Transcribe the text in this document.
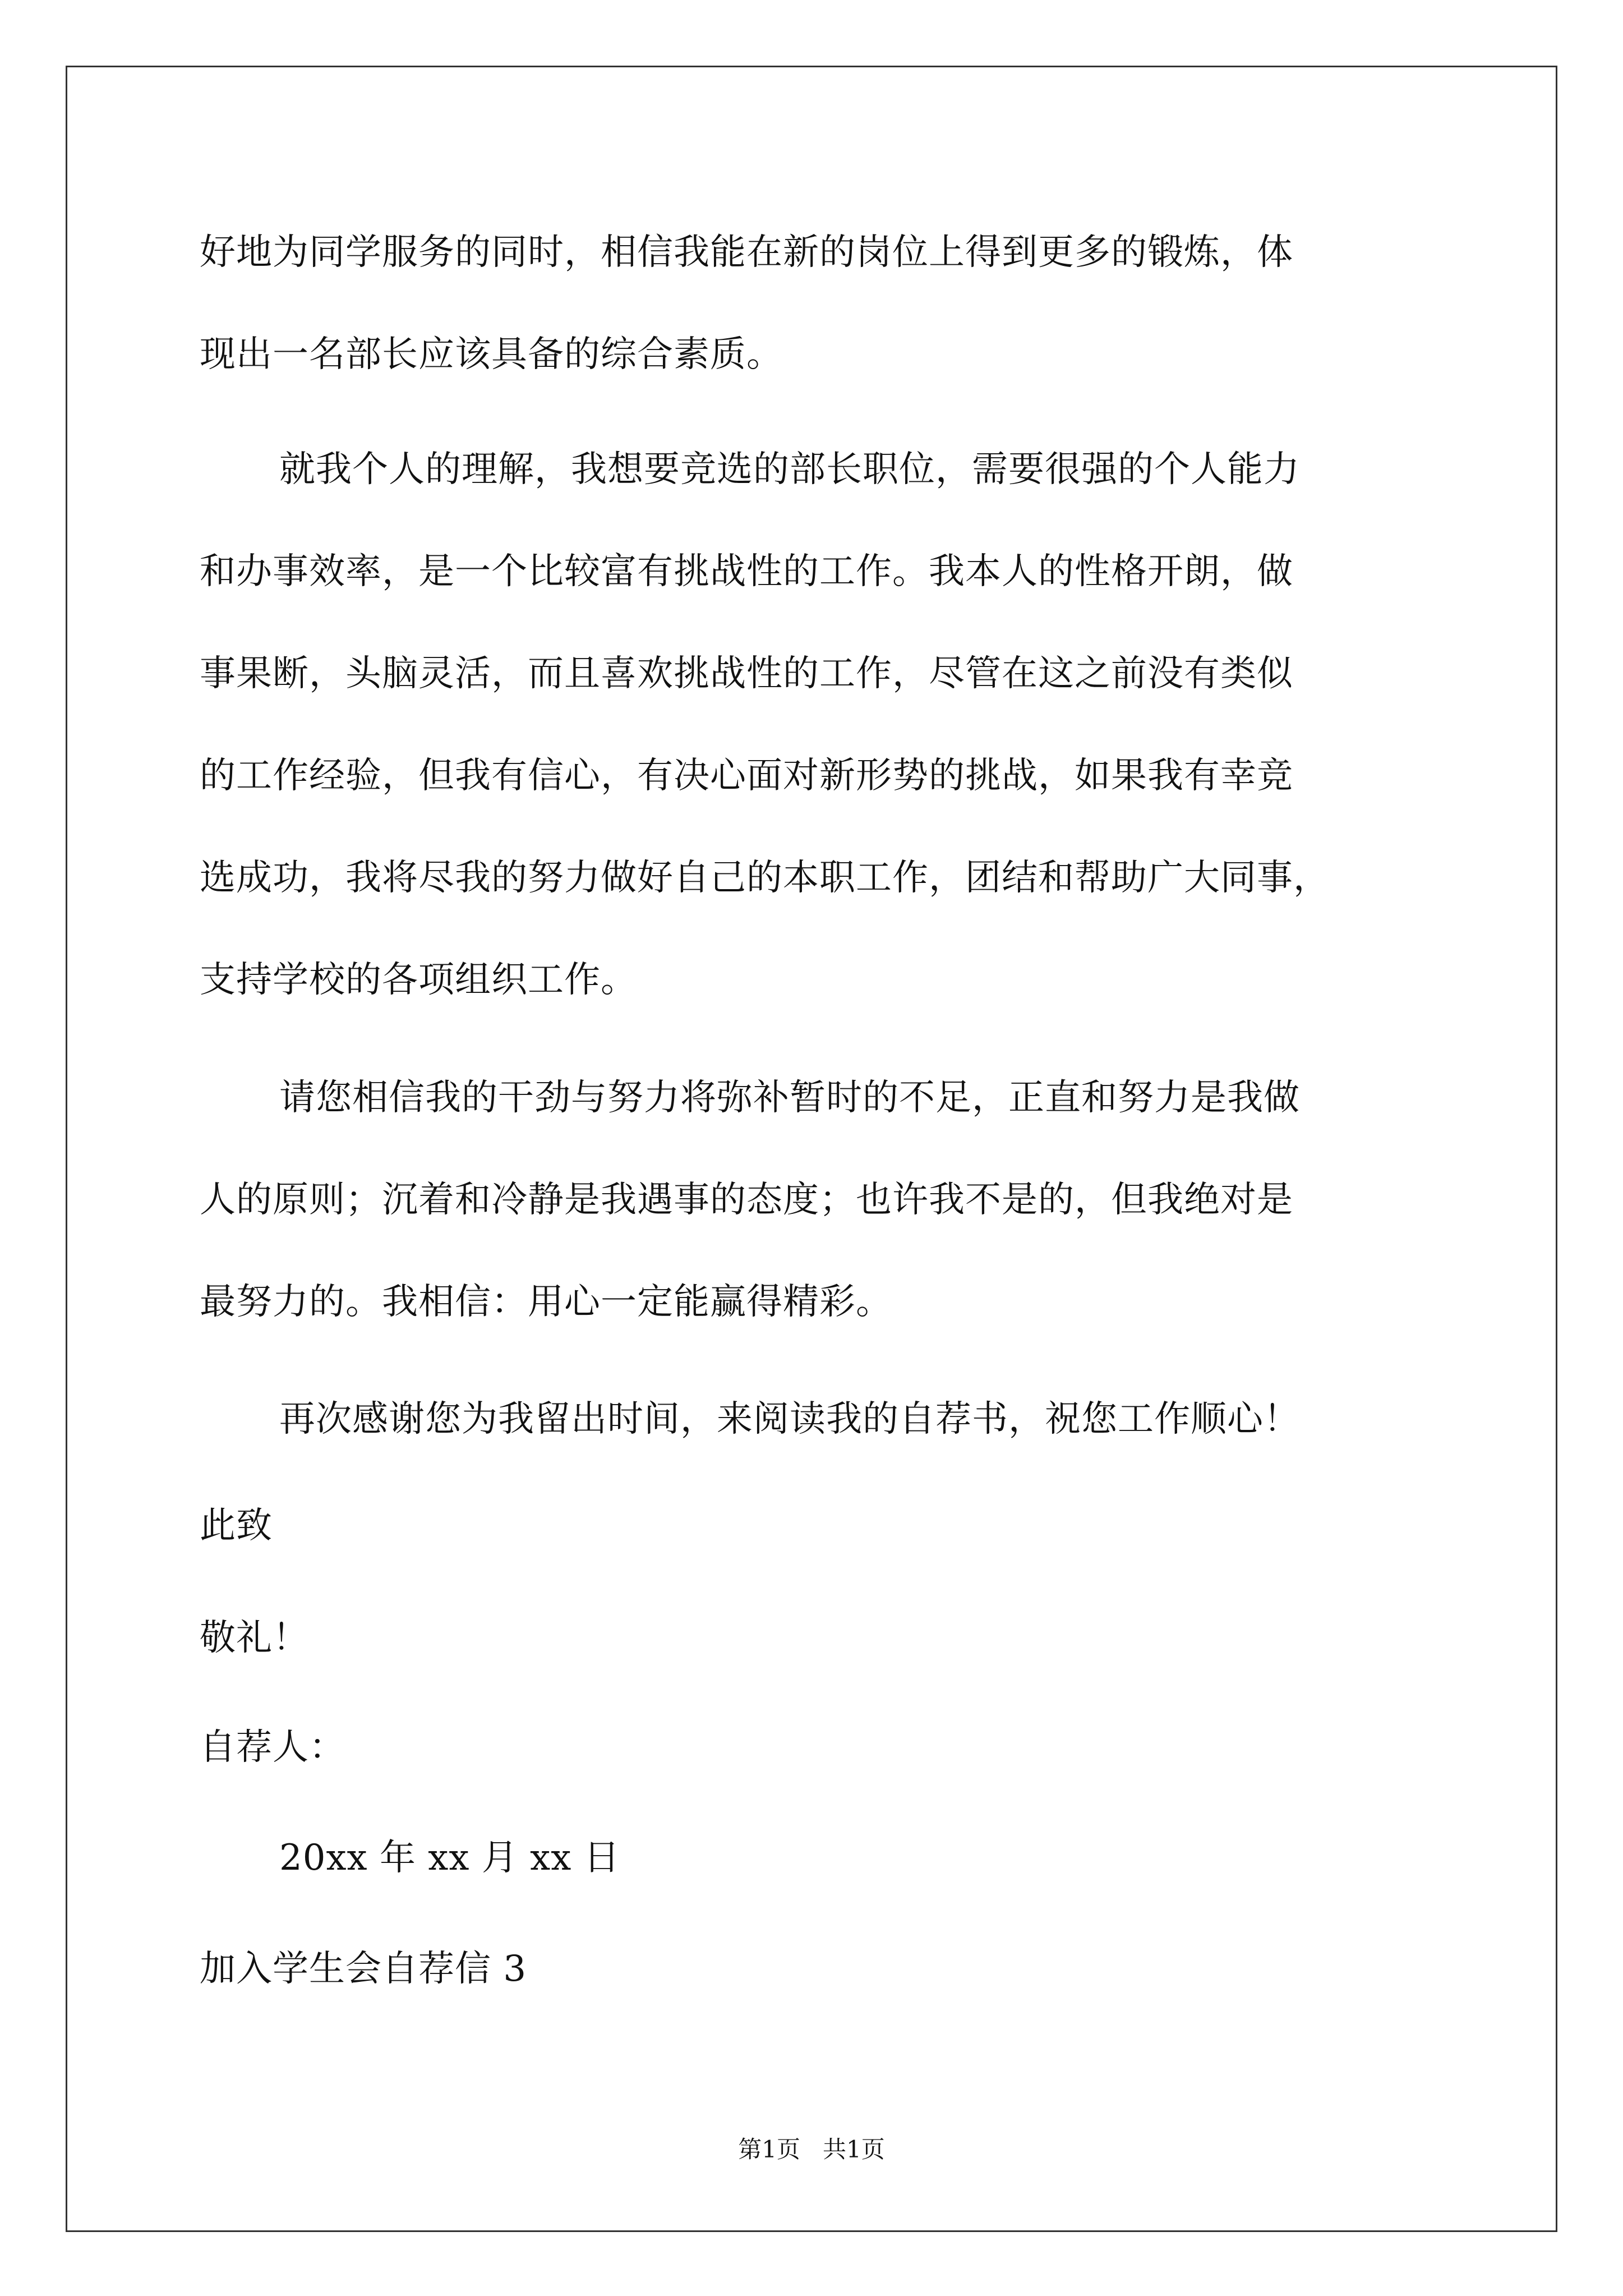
好地为同学服务的同时，相信我能在新的岗位上得到更多的锻炼，体
现出一名部长应该具备的综合素质。
就我个人的理解，我想要竞选的部长职位，需要很强的个人能力
和办事效率，是一个比较富有挑战性的工作。我本人的性格开朗，做
事果断，头脑灵活，而且喜欢挑战性的工作，尽管在这之前没有类似
的工作经验，但我有信心，有决心面对新形势的挑战，如果我有幸竞
选成功，我将尽我的努力做好自己的本职工作，团结和帮助广大同事，
支持学校的各项组织工作。
请您相信我的干劲与努力将弥补暂时的不足，正直和努力是我做
人的原则；沉着和冷静是我遇事的态度；也许我不是的，但我绝对是
最努力的。我相信：用心一定能赢得精彩。
再次感谢您为我留出时间，来阅读我的自荐书，祝您工作顺心！
此致
敬礼！
自荐人：
20xx 年 xx 月 xx 日
加入学生会自荐信 3
第1页   共1页
